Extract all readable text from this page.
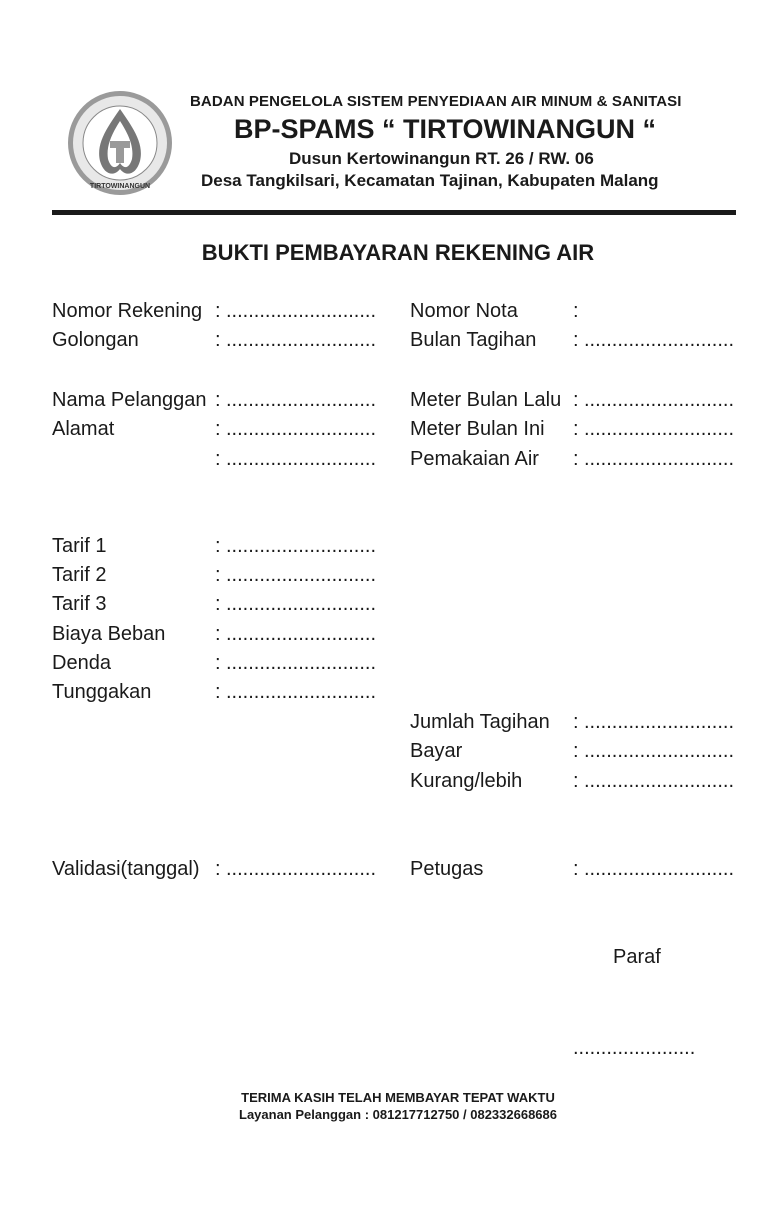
TIRTOWINANGUN
BADAN PENGELOLA SISTEM PENYEDIAAN AIR MINUM & SANITASI
BP-SPAMS “ TIRTOWINANGUN “
Dusun Kertowinangun RT. 26 / RW. 06
Desa Tangkilsari, Kecamatan Tajinan, Kabupaten Malang
BUKTI PEMBAYARAN REKENING AIR
Nomor Rekening : ...........................
Golongan	: ...........................
Nama Pelanggan : ...........................
Alamat	: ...........................
: ...........................
Tarif 1	: ...........................
Tarif 2	: ...........................
Tarif 3	: ...........................
Biaya Beban : ...........................
Denda	: ...........................
Tunggakan	: ...........................
Validasi(tanggal) : ...........................
Nomor Nota	:
Bulan Tagihan : ...........................
Meter Bulan Lalu : ...........................
Meter Bulan Ini : ...........................
Pemakaian Air : ...........................
Jumlah Tagihan : ...........................
Bayar	: ...........................
Kurang/lebih	: ...........................
Petugas	: ...........................
Paraf
......................
TERIMA KASIH TELAH MEMBAYAR TEPAT WAKTU
Layanan Pelanggan : 081217712750 / 082332668686
